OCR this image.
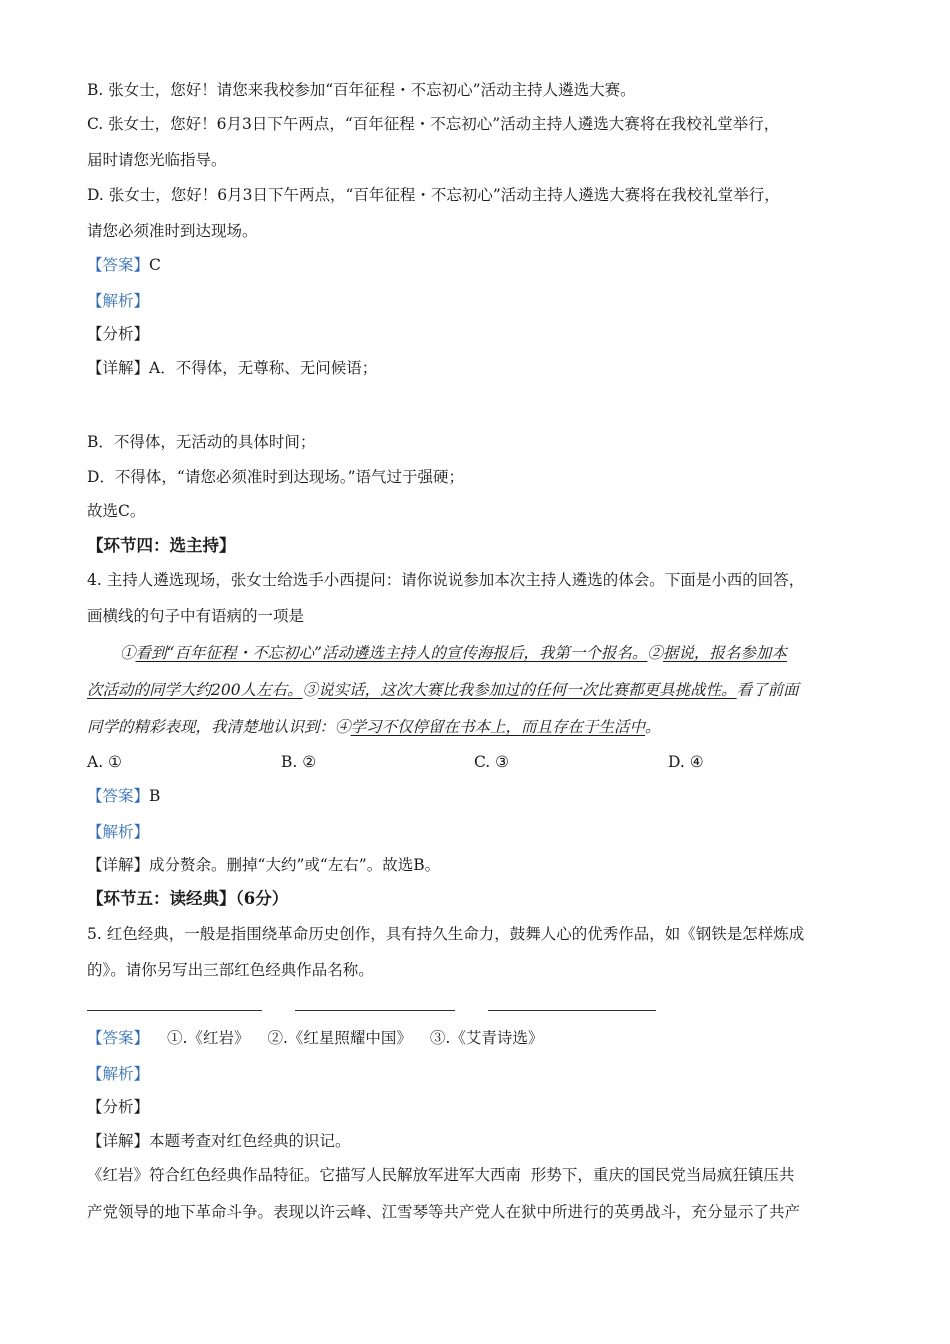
B. 张女士，您好！请您来我校参加“百年征程・不忘初心”活动主持人遴选大赛。
C. 张女士，您好！6月3日下午两点，“百年征程・不忘初心”活动主持人遴选大赛将在我校礼堂举行，
届时请您光临指导。
D. 张女士，您好！6月3日下午两点，“百年征程・不忘初心”活动主持人遴选大赛将在我校礼堂举行，
请您必须准时到达现场。
【答案】C
【解析】
【分析】
【详解】A．不得体，无尊称、无问候语；
B．不得体，无活动的具体时间；
D．不得体，“请您必须准时到达现场。”语气过于强硬；
故选C。
【环节四：选主持】
4. 主持人遴选现场，张女士给选手小西提问：请你说说参加本次主持人遴选的体会。下面是小西的回答，
画横线的句子中有语病的一项是
①看到“百年征程・不忘初心”活动遴选主持人的宣传海报后，我第一个报名。②据说，报名参加本
次活动的同学大约200人左右。③说实话，这次大赛比我参加过的任何一次比赛都更具挑战性。看了前面
同学的精彩表现，我清楚地认识到：④学习不仅停留在书本上，而且存在于生活中。
A. ①	B. ②	C. ③	D. ④
【答案】B
【解析】
【详解】成分赘余。删掉“大约”或“左右”。故选B。
【环节五：读经典】（6分）
5. 红色经典，一般是指围绕革命历史创作，具有持久生命力，鼓舞人心的优秀作品，如《钢铁是怎样炼成
的》。请你另写出三部红色经典作品名称。
【答案】 ①.《红岩》 ②.《红星照耀中国》 ③.《艾青诗选》
【解析】
【分析】
【详解】本题考查对红色经典的识记。
《红岩》符合红色经典作品特征。它描写人民解放军进军大西南  形势下，重庆的国民党当局疯狂镇压共
产党领导的地下革命斗争。表现以许云峰、江雪琴等共产党人在狱中所进行的英勇战斗，充分显示了共产
